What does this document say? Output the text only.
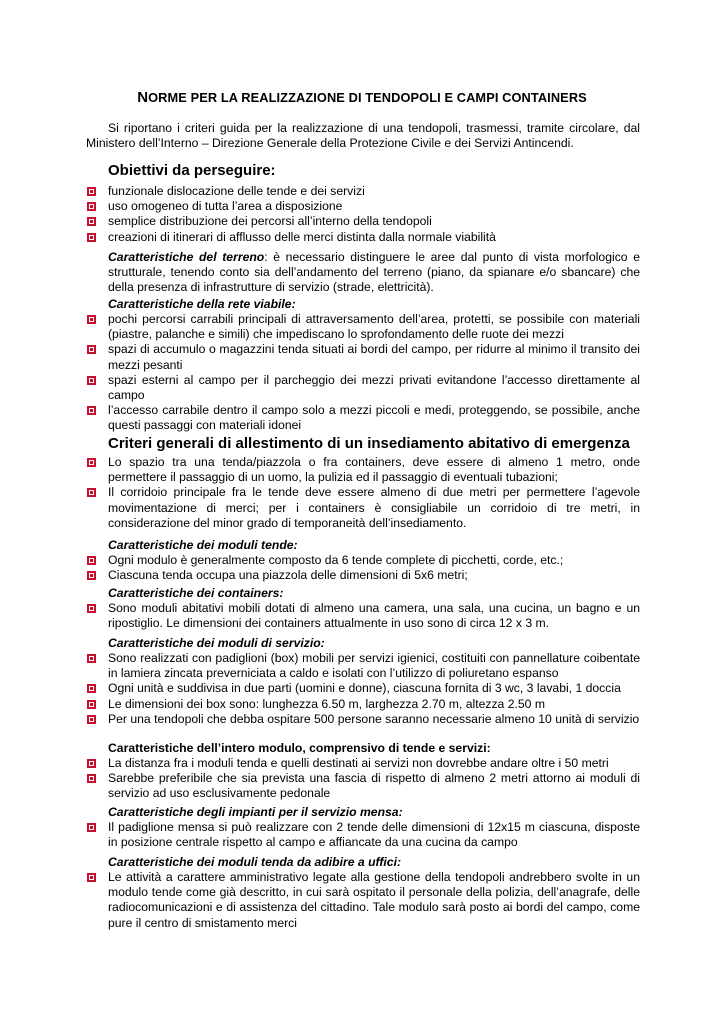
NORME PER LA REALIZZAZIONE DI TENDOPOLI E CAMPI CONTAINERS
Si riportano i criteri guida per la realizzazione di una tendopoli, trasmessi, tramite circolare, dal Ministero dell’Interno – Direzione Generale della Protezione Civile e dei Servizi Antincendi.
Obiettivi da perseguire:
funzionale dislocazione delle tende e dei servizi
uso omogeneo di tutta l’area a disposizione
semplice distribuzione dei percorsi all’interno della tendopoli
creazioni di itinerari di afflusso delle merci distinta dalla normale viabilità
Caratteristiche del terreno: è necessario distinguere le aree dal punto di vista morfologico e strutturale, tenendo conto sia dell’andamento del terreno (piano, da spianare e/o sbancare) che della presenza di infrastrutture di servizio (strade, elettricità).
Caratteristiche della rete viabile:
pochi percorsi carrabili principali di attraversamento dell’area, protetti, se possibile con materiali (piastre, palanche e simili) che impediscano lo sprofondamento delle ruote dei mezzi
spazi di accumulo o magazzini tenda situati ai bordi del campo, per ridurre al minimo il transito dei mezzi pesanti
spazi esterni al campo per il parcheggio dei mezzi privati evitandone l’accesso direttamente al campo
l’accesso carrabile dentro il campo solo a mezzi piccoli e medi, proteggendo, se possibile, anche questi passaggi con materiali idonei
Criteri generali di allestimento di un insediamento abitativo di emergenza
Lo spazio tra una tenda/piazzola o fra containers, deve essere di almeno 1 metro, onde permettere il passaggio di un uomo, la pulizia ed il passaggio di eventuali tubazioni;
Il corridoio principale fra le tende deve essere almeno di due metri per permettere l’agevole movimentazione di merci; per i containers è consigliabile un corridoio di tre metri, in considerazione del minor grado di temporaneità dell’insediamento.
Caratteristiche dei moduli tende:
Ogni modulo è generalmente composto da 6 tende complete di picchetti, corde, etc.;
Ciascuna tenda occupa una piazzola delle dimensioni di 5x6 metri;
Caratteristiche dei containers:
Sono moduli abitativi mobili dotati di almeno una camera, una sala, una cucina, un bagno e un ripostiglio. Le dimensioni dei containers attualmente in uso sono di circa 12 x 3 m.
Caratteristiche dei moduli di servizio:
Sono realizzati con padiglioni (box) mobili per servizi igienici, costituiti con pannellature coibentate in lamiera zincata preverniciata a caldo e isolati con l’utilizzo di poliuretano espanso
Ogni unità e suddivisa in due parti (uomini e donne), ciascuna fornita di 3 wc, 3 lavabi, 1 doccia
Le dimensioni dei box sono: lunghezza 6.50 m, larghezza 2.70 m, altezza 2.50 m
Per una tendopoli che debba ospitare 500 persone saranno necessarie almeno 10 unità di servizio
Caratteristiche dell’intero modulo, comprensivo di tende e servizi:
La distanza fra i moduli tenda e quelli destinati ai servizi non dovrebbe andare oltre i 50 metri
Sarebbe preferibile che sia prevista una fascia di rispetto di almeno 2 metri attorno ai moduli di servizio ad uso esclusivamente pedonale
Caratteristiche degli impianti per il servizio mensa:
Il padiglione mensa si può realizzare con 2 tende delle dimensioni di 12x15 m ciascuna, disposte in posizione centrale rispetto al campo e affiancate da una cucina da campo
Caratteristiche dei moduli tenda da adibire a uffici:
Le attività a carattere amministrativo legate alla gestione della tendopoli andrebbero svolte in un modulo tende come già descritto, in cui sarà ospitato il personale della polizia, dell’anagrafe, delle radiocomunicazioni e di assistenza del cittadino. Tale modulo sarà posto ai bordi del campo, come pure il centro di smistamento merci
